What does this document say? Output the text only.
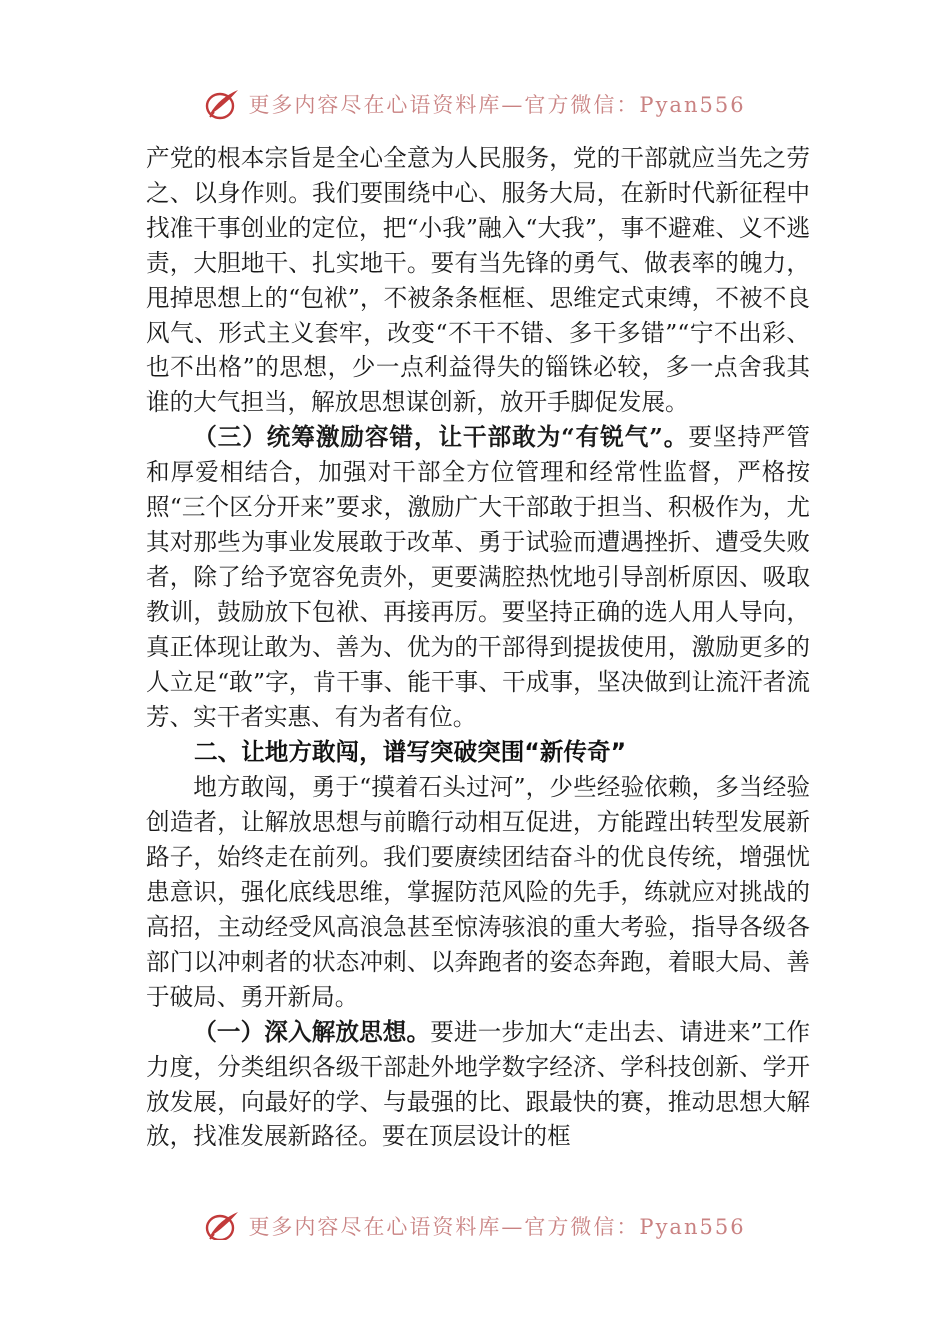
更多内容尽在心语资料库—官方微信：Pyan556

产党的根本宗旨是全心全意为人民服务，党的干部就应当先之劳之、以身作则。我们要围绕中心、服务大局，在新时代新征程中找准干事创业的定位，把“小我”融入“大我”，事不避难、义不逃责，大胆地干、扎实地干。要有当先锋的勇气、做表率的魄力，甩掉思想上的“包袱”，不被条条框框、思维定式束缚，不被不良风气、形式主义套牢，改变“不干不错、多干多错”“宁不出彩、也不出格”的思想，少一点利益得失的锱铢必较，多一点舍我其谁的大气担当，解放思想谋创新，放开手脚促发展。

（三）统筹激励容错，让干部敢为“有锐气”。要坚持严管和厚爱相结合，加强对干部全方位管理和经常性监督，严格按照“三个区分开来”要求，激励广大干部敢于担当、积极作为，尤其对那些为事业发展敢于改革、勇于试验而遭遇挫折、遭受失败者，除了给予宽容免责外，更要满腔热忱地引导剖析原因、吸取教训，鼓励放下包袱、再接再厉。要坚持正确的选人用人导向，真正体现让敢为、善为、优为的干部得到提拔使用，激励更多的人立足“敢”字，肯干事、能干事、干成事，坚决做到让流汗者流芳、实干者实惠、有为者有位。

二、让地方敢闯，谱写突破突围“新传奇”

地方敢闯，勇于“摸着石头过河”，少些经验依赖，多当经验创造者，让解放思想与前瞻行动相互促进，方能蹚出转型发展新路子，始终走在前列。我们要赓续团结奋斗的优良传统，增强忧患意识，强化底线思维，掌握防范风险的先手，练就应对挑战的高招，主动经受风高浪急甚至惊涛骇浪的重大考验，指导各级各部门以冲刺者的状态冲刺、以奔跑者的姿态奔跑，着眼大局、善于破局、勇开新局。

（一）深入解放思想。要进一步加大“走出去、请进来”工作力度，分类组织各级干部赴外地学数字经济、学科技创新、学开放发展，向最好的学、与最强的比、跟最快的赛，推动思想大解放，找准发展新路径。要在顶层设计的框

更多内容尽在心语资料库—官方微信：Pyan556
